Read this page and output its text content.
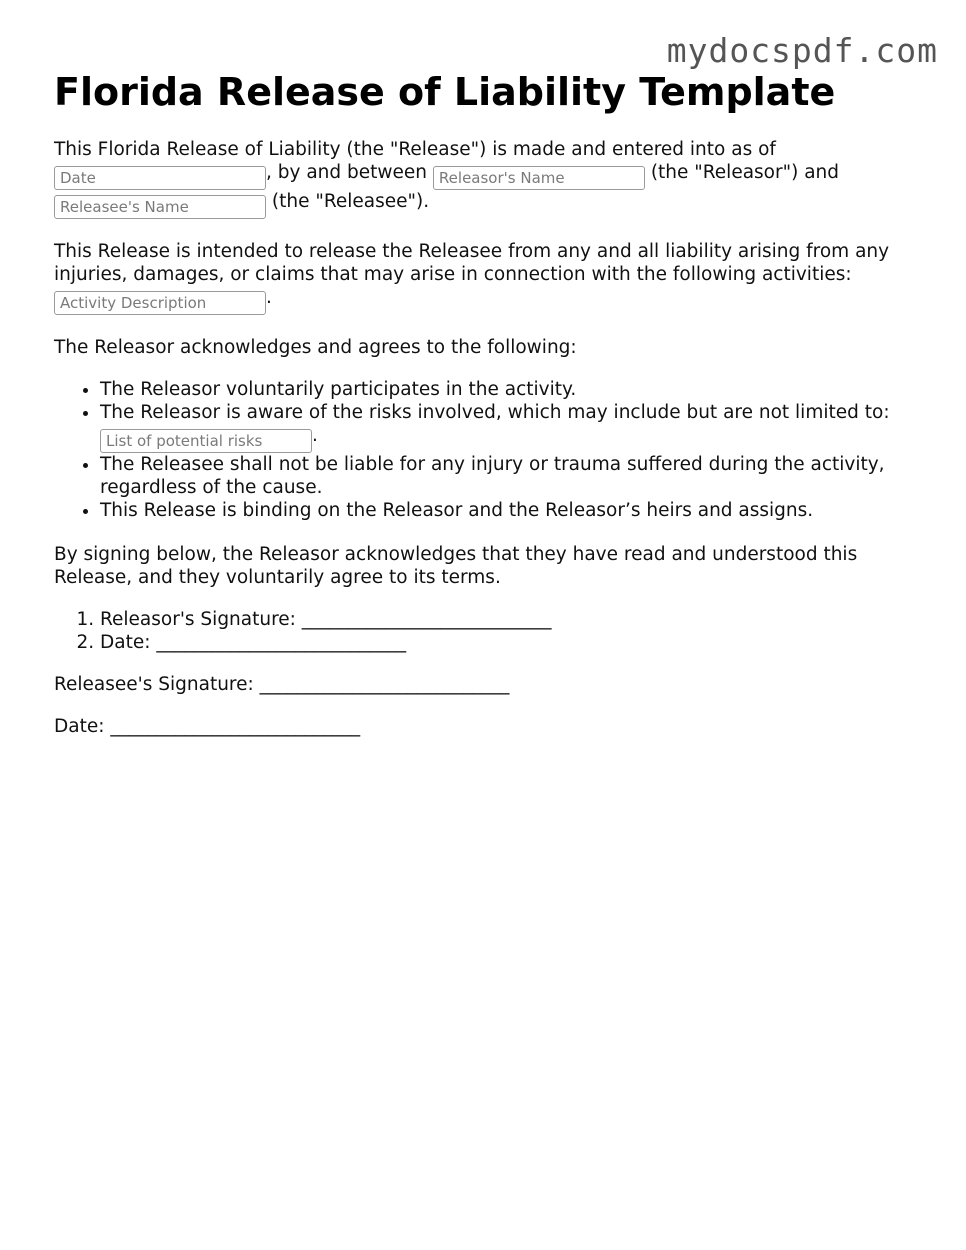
mydocspdf.com
Florida Release of Liability Template

This Florida Release of Liability (the "Release") is made and entered into as of
Date, by and between Releasor's Name	(the "Releasor") and
Releasee's Name (the "Releasee").

This Release is intended to release the Releasee from any and all liability arising from any injuries, damages, or claims that may arise in connection with the following activities:
Activity Description.

The Releasor acknowledges and agrees to the following:

• The Releasor voluntarily participates in the activity.
• The Releasor is aware of the risks involved, which may include but are not limited to:
List of potential risks.
• The Releasee shall not be liable for any injury or trauma suffered during the activity, regardless of the cause.
• This Release is binding on the Releasor and the Releasor’s heirs and assigns.

By signing below, the Releasor acknowledges that they have read and understood this Release, and they voluntarily agree to its terms.

1. Releasor's Signature: ___________________________
2. Date: ___________________________

Releasee's Signature: ___________________________

Date: ___________________________
